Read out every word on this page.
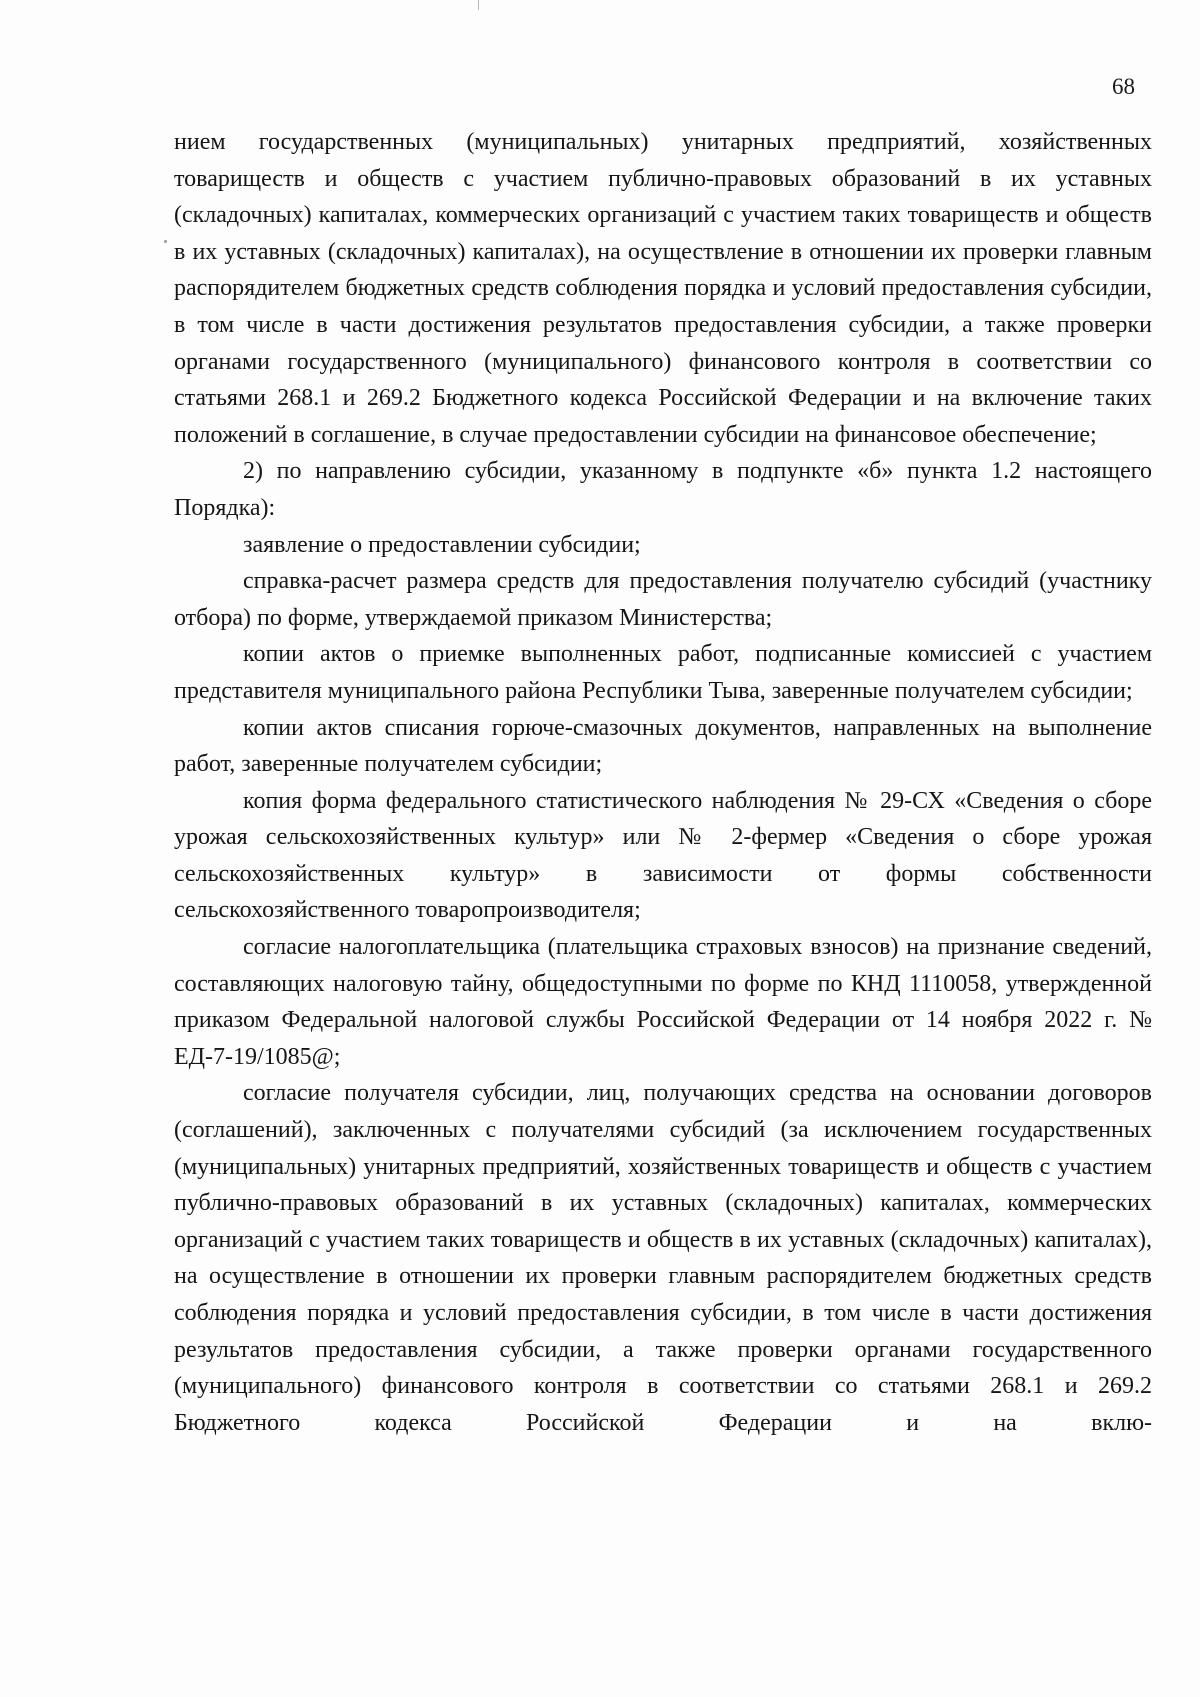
68

нием государственных (муниципальных) унитарных предприятий, хозяйственных товариществ и обществ с участием публично-правовых образований в их уставных (складочных) капиталах, коммерческих организаций с участием таких товариществ и обществ в их уставных (складочных) капиталах), на осуществление в отношении их проверки главным распорядителем бюджетных средств соблюдения порядка и условий предоставления субсидии, в том числе в части достижения результатов предоставления субсидии, а также проверки органами государственного (муниципального) финансового контроля в соответствии со статьями 268.1 и 269.2 Бюджетного кодекса Российской Федерации и на включение таких положений в соглашение, в случае предоставлении субсидии на финансовое обеспечение;

2) по направлению субсидии, указанному в подпункте «б» пункта 1.2 настоящего Порядка):

заявление о предоставлении субсидии;

справка-расчет размера средств для предоставления получателю субсидий (участнику отбора) по форме, утверждаемой приказом Министерства;

копии актов о приемке выполненных работ, подписанные комиссией с участием представителя муниципального района Республики Тыва, заверенные получателем субсидии;

копии актов списания горюче-смазочных документов, направленных на выполнение работ, заверенные получателем субсидии;

копия форма федерального статистического наблюдения № 29-СХ «Сведения о сборе урожая сельскохозяйственных культур» или № 2-фермер «Сведения о сборе урожая сельскохозяйственных культур» в зависимости от формы собственности сельскохозяйственного товаропроизводителя;

согласие налогоплательщика (плательщика страховых взносов) на признание сведений, составляющих налоговую тайну, общедоступными по форме по КНД 1110058, утвержденной приказом Федеральной налоговой службы Российской Федерации от 14 ноября 2022 г. № ЕД-7-19/1085@;

согласие получателя субсидии, лиц, получающих средства на основании договоров (соглашений), заключенных с получателями субсидий (за исключением государственных (муниципальных) унитарных предприятий, хозяйственных товариществ и обществ с участием публично-правовых образований в их уставных (складочных) капиталах, коммерческих организаций с участием таких товариществ и обществ в их уставных (складочных) капиталах), на осуществление в отношении их проверки главным распорядителем бюджетных средств соблюдения порядка и условий предоставления субсидии, в том числе в части достижения результатов предоставления субсидии, а также проверки органами государственного (муниципального) финансового контроля в соответствии со статьями 268.1 и 269.2 Бюджетного кодекса Российской Федерации и на вклю-
